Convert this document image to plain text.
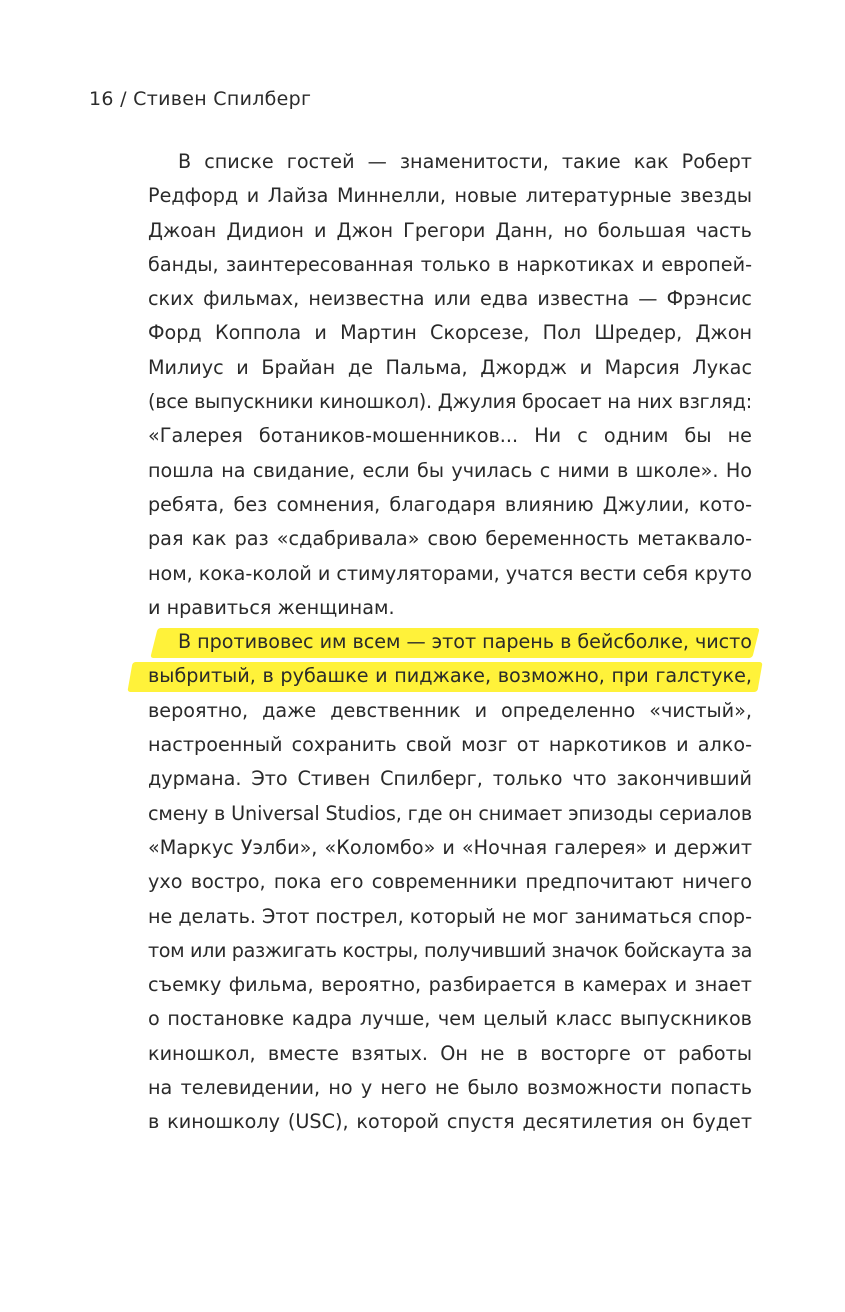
16 / Стивен Спилберг
В списке гостей — знаменитости, такие как Роберт
Редфорд и Лайза Миннелли, новые литературные звезды
Джоан Дидион и Джон Грегори Данн, но большая часть
банды, заинтересованная только в наркотиках и европей-
ских фильмах, неизвестна или едва известна — Фрэнсис
Форд Коппола и Мартин Скорсезе, Пол Шредер, Джон
Милиус и Брайан де Пальма, Джордж и Марсия Лукас
(все выпускники киношкол). Джулия бросает на них взгляд:
«Галерея ботаников-мошенников... Ни с одним бы не
пошла на свидание, если бы училась с ними в школе». Но
ребята, без сомнения, благодаря влиянию Джулии, кото-
рая как раз «сдабривала» свою беременность метаквало-
ном, кока-колой и стимуляторами, учатся вести себя круто
и нравиться женщинам.
В противовес им всем — этот парень в бейсболке, чисто
выбритый, в рубашке и пиджаке, возможно, при галстуке,
вероятно, даже девственник и определенно «чистый»,
настроенный сохранить свой мозг от наркотиков и алко-
дурмана. Это Стивен Спилберг, только что закончивший
смену в Universal Studios, где он снимает эпизоды сериалов
«Маркус Уэлби», «Коломбо» и «Ночная галерея» и держит
ухо востро, пока его современники предпочитают ничего
не делать. Этот пострел, который не мог заниматься спор-
том или разжигать костры, получивший значок бойскаута за
съемку фильма, вероятно, разбирается в камерах и знает
о постановке кадра лучше, чем целый класс выпускников
киношкол, вместе взятых. Он не в восторге от работы
на телевидении, но у него не было возможности попасть
в киношколу (USC), которой спустя десятилетия он будет
